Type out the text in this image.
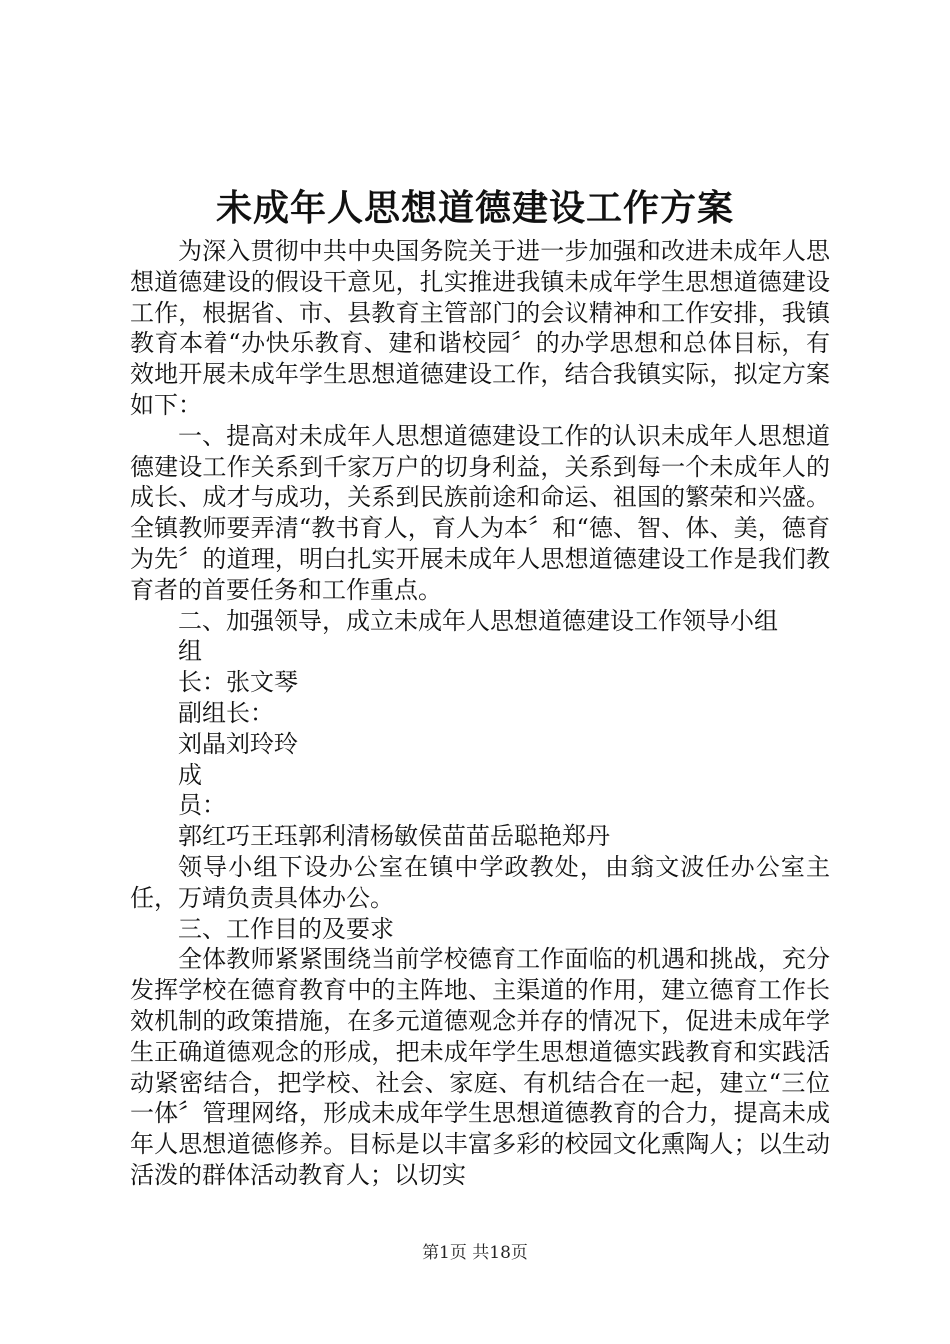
未成年人思想道德建设工作方案

为深入贯彻中共中央国务院关于进一步加强和改进未成年人思想道德建设的假设干意见，扎实推进我镇未成年学生思想道德建设工作，根据省、市、县教育主管部门的会议精神和工作安排，我镇教育本着“办快乐教育、建和谐校园〞的办学思想和总体目标，有效地开展未成年学生思想道德建设工作，结合我镇实际，拟定方案如下：

一、提高对未成年人思想道德建设工作的认识未成年人思想道德建设工作关系到千家万户的切身利益，关系到每一个未成年人的成长、成才与成功，关系到民族前途和命运、祖国的繁荣和兴盛。全镇教师要弄清“教书育人，育人为本〞和“德、智、体、美，德育为先〞的道理，明白扎实开展未成年人思想道德建设工作是我们教育者的首要任务和工作重点。

二、加强领导，成立未成年人思想道德建设工作领导小组

组

长：张文琴

副组长：

刘晶刘玲玲

成

员：

郭红巧王珏郭利清杨敏侯苗苗岳聪艳郑丹

领导小组下设办公室在镇中学政教处，由翁文波任办公室主任，万靖负责具体办公。

三、工作目的及要求

全体教师紧紧围绕当前学校德育工作面临的机遇和挑战，充分发挥学校在德育教育中的主阵地、主渠道的作用，建立德育工作长效机制的政策措施，在多元道德观念并存的情况下，促进未成年学生正确道德观念的形成，把未成年学生思想道德实践教育和实践活动紧密结合，把学校、社会、家庭、有机结合在一起，建立“三位一体〞管理网络，形成未成年学生思想道德教育的合力，提高未成年人思想道德修养。目标是以丰富多彩的校园文化熏陶人；以生动活泼的群体活动教育人；以切实

第1页 共18页
